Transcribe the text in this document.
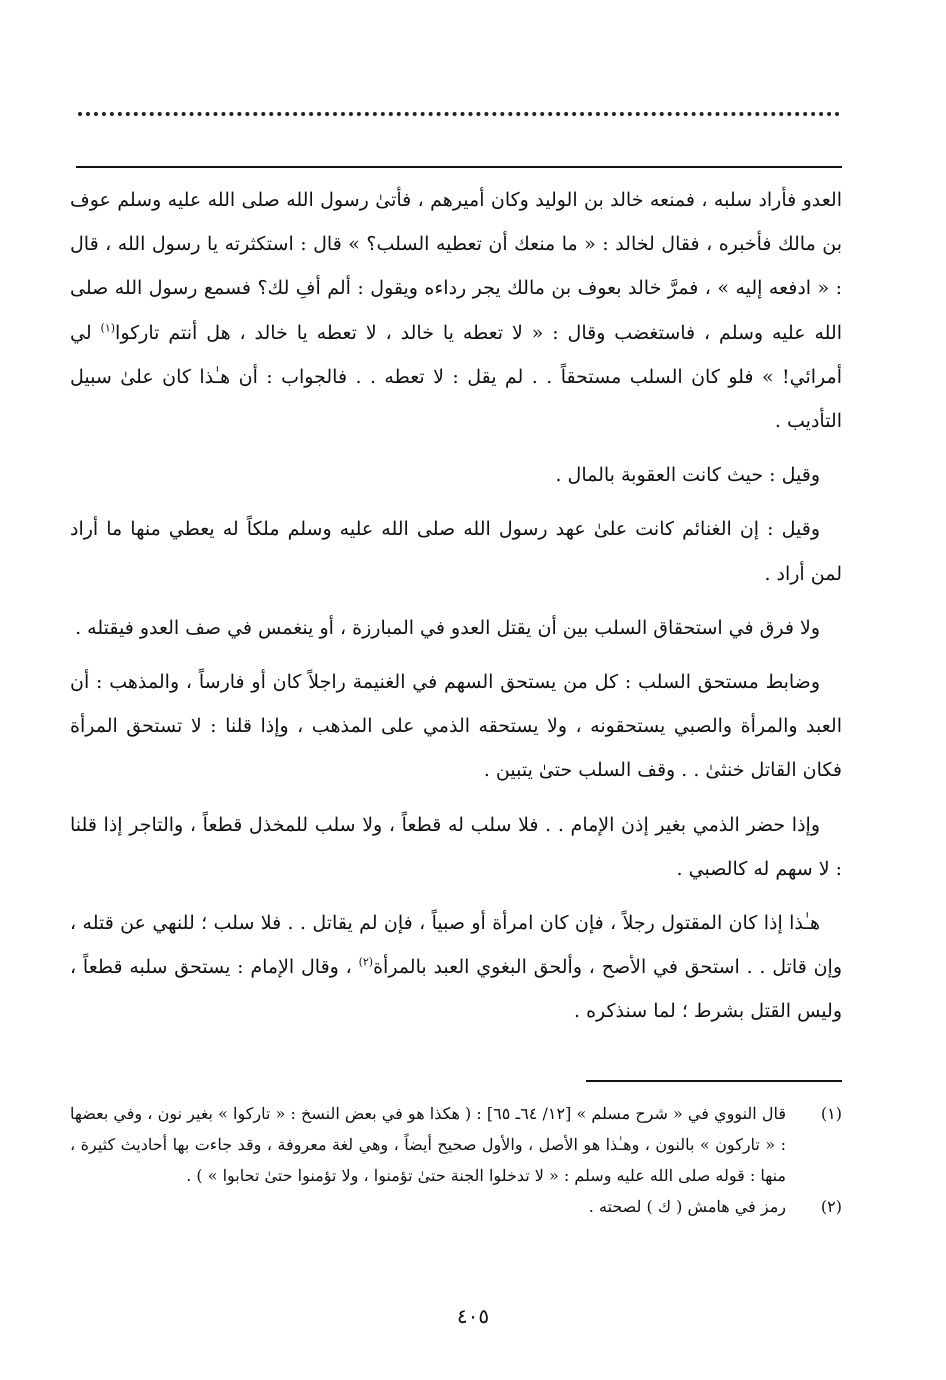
العدو فأراد سلبه ، فمنعه خالد بن الوليد وكان أميرهم ، فأتىٰ رسول الله صلى الله عليه وسلم عوف بن مالك فأخبره ، فقال لخالد : « ما منعك أن تعطيه السلب؟ » قال : استكثرته يا رسول الله ، قال : « ادفعه إليه » ، فمرَّ خالد بعوف بن مالك يجر رداءه ويقول : ألم أفِ لك؟ فسمع رسول الله صلى الله عليه وسلم ، فاستغضب وقال : « لا تعطه يا خالد ، لا تعطه يا خالد ، هل أنتم تاركوا$^{(١)}$ لي أمرائي! » فلو كان السلب مستحقاً . . لم يقل : لا تعطه . . فالجواب : أن هـٰذا كان علىٰ سبيل التأديب .

وقيل : حيث كانت العقوبة بالمال .

وقيل : إن الغنائم كانت علىٰ عهد رسول الله صلى الله عليه وسلم ملكاً له يعطي منها ما أراد لمن أراد .

ولا فرق في استحقاق السلب بين أن يقتل العدو في المبارزة ، أو ينغمس في صف العدو فيقتله .

وضابط مستحق السلب : كل من يستحق السهم في الغنيمة راجلاً كان أو فارساً ، والمذهب : أن العبد والمرأة والصبي يستحقونه ، ولا يستحقه الذمي على المذهب ، وإذا قلنا : لا تستحق المرأة فكان القاتل خنثىٰ . . وقف السلب حتىٰ يتبين .

وإذا حضر الذمي بغير إذن الإمام . . فلا سلب له قطعاً ، ولا سلب للمخذل قطعاً ، والتاجر إذا قلنا : لا سهم له كالصبي .

هـٰذا إذا كان المقتول رجلاً ، فإن كان امرأة أو صبياً ، فإن لم يقاتل . . فلا سلب ؛ للنهي عن قتله ، وإن قاتل . . استحق في الأصح ، وألحق البغوي العبد بالمرأة$^{(٢)}$ ، وقال الإمام : يستحق سلبه قطعاً ، وليس القتل بشرط ؛ لما سنذكره .

(١)
قال النووي في « شرح مسلم » [١٢/ ٦٤ـ ٦٥] : ( هكذا هو في بعض النسخ : « تاركوا » بغير نون ، وفي بعضها : « تاركون » بالنون ، وهـٰذا هو الأصل ، والأول صحيح أيضاً ، وهي لغة معروفة ، وقد جاءت بها أحاديث كثيرة ، منها : قوله صلى الله عليه وسلم : « لا تدخلوا الجنة حتىٰ تؤمنوا ، ولا تؤمنوا حتىٰ تحابوا » ) .
(٢)
رمز في هامش ( ك ) لصحته .
٤٠٥
